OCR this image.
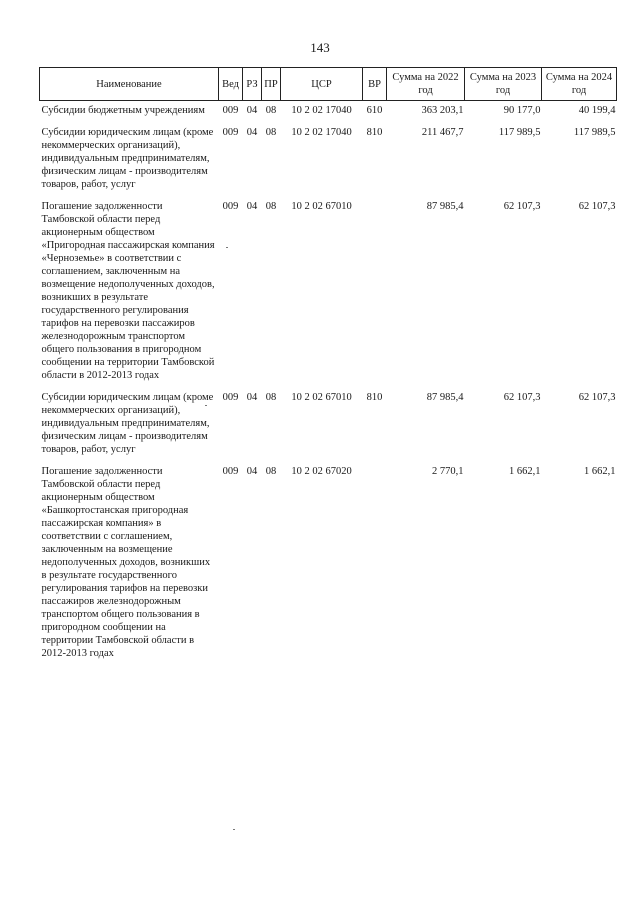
143
Наименование	Вед	РЗ	ПР	ЦСР	ВР	Сумма на 2022 год	Сумма на 2023 год	Сумма на 2024 год
Субсидии бюджетным учреждениям	009	04	08	10 2 02 17040	610	363 203,1	90 177,0	40 199,4
Субсидии юридическим лицам (кроме некоммерческих организаций), индивидуальным предпринимателям, физическим лицам - производителям товаров, работ, услуг	009	04	08	10 2 02 17040	810	211 467,7	117 989,5	117 989,5
Погашение задолженности Тамбовской области перед акционерным обществом «Пригородная пассажирская компания «Черноземье» в соответствии с соглашением, заключенным на возмещение недополученных доходов, возникших в результате государственного регулирования тарифов на перевозки пассажиров железнодорожным транспортом общего пользования в пригородном сообщении на территории Тамбовской области в 2012-2013 годах	009	04	08	10 2 02 67010		87 985,4	62 107,3	62 107,3
Субсидии юридическим лицам (кроме некоммерческих организаций), индивидуальным предпринимателям, физическим лицам - производителям товаров, работ, услуг	009	04	08	10 2 02 67010	810	87 985,4	62 107,3	62 107,3
Погашение задолженности Тамбовской области перед акционерным обществом «Башкортостанская пригородная пассажирская компания» в соответствии с соглашением, заключенным на возмещение недополученных доходов, возникших в результате государственного регулирования тарифов на перевозки пассажиров железнодорожным транспортом общего пользования в пригородном сообщении на территории Тамбовской области в 2012-2013 годах	009	04	08	10 2 02 67020		2 770,1	1 662,1	1 662,1
